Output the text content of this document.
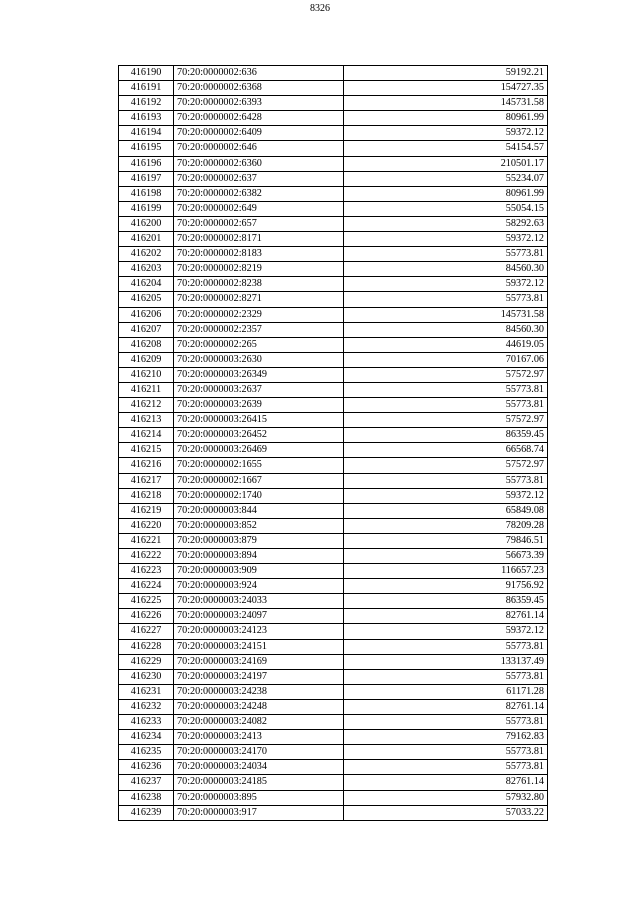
8326
416190	70:20:0000002:636	59192.21
416191	70:20:0000002:6368	154727.35
416192	70:20:0000002:6393	145731.58
416193	70:20:0000002:6428	80961.99
416194	70:20:0000002:6409	59372.12
416195	70:20:0000002:646	54154.57
416196	70:20:0000002:6360	210501.17
416197	70:20:0000002:637	55234.07
416198	70:20:0000002:6382	80961.99
416199	70:20:0000002:649	55054.15
416200	70:20:0000002:657	58292.63
416201	70:20:0000002:8171	59372.12
416202	70:20:0000002:8183	55773.81
416203	70:20:0000002:8219	84560.30
416204	70:20:0000002:8238	59372.12
416205	70:20:0000002:8271	55773.81
416206	70:20:0000002:2329	145731.58
416207	70:20:0000002:2357	84560.30
416208	70:20:0000002:265	44619.05
416209	70:20:0000003:2630	70167.06
416210	70:20:0000003:26349	57572.97
416211	70:20:0000003:2637	55773.81
416212	70:20:0000003:2639	55773.81
416213	70:20:0000003:26415	57572.97
416214	70:20:0000003:26452	86359.45
416215	70:20:0000003:26469	66568.74
416216	70:20:0000002:1655	57572.97
416217	70:20:0000002:1667	55773.81
416218	70:20:0000002:1740	59372.12
416219	70:20:0000003:844	65849.08
416220	70:20:0000003:852	78209.28
416221	70:20:0000003:879	79846.51
416222	70:20:0000003:894	56673.39
416223	70:20:0000003:909	116657.23
416224	70:20:0000003:924	91756.92
416225	70:20:0000003:24033	86359.45
416226	70:20:0000003:24097	82761.14
416227	70:20:0000003:24123	59372.12
416228	70:20:0000003:24151	55773.81
416229	70:20:0000003:24169	133137.49
416230	70:20:0000003:24197	55773.81
416231	70:20:0000003:24238	61171.28
416232	70:20:0000003:24248	82761.14
416233	70:20:0000003:24082	55773.81
416234	70:20:0000003:2413	79162.83
416235	70:20:0000003:24170	55773.81
416236	70:20:0000003:24034	55773.81
416237	70:20:0000003:24185	82761.14
416238	70:20:0000003:895	57932.80
416239	70:20:0000003:917	57033.22
